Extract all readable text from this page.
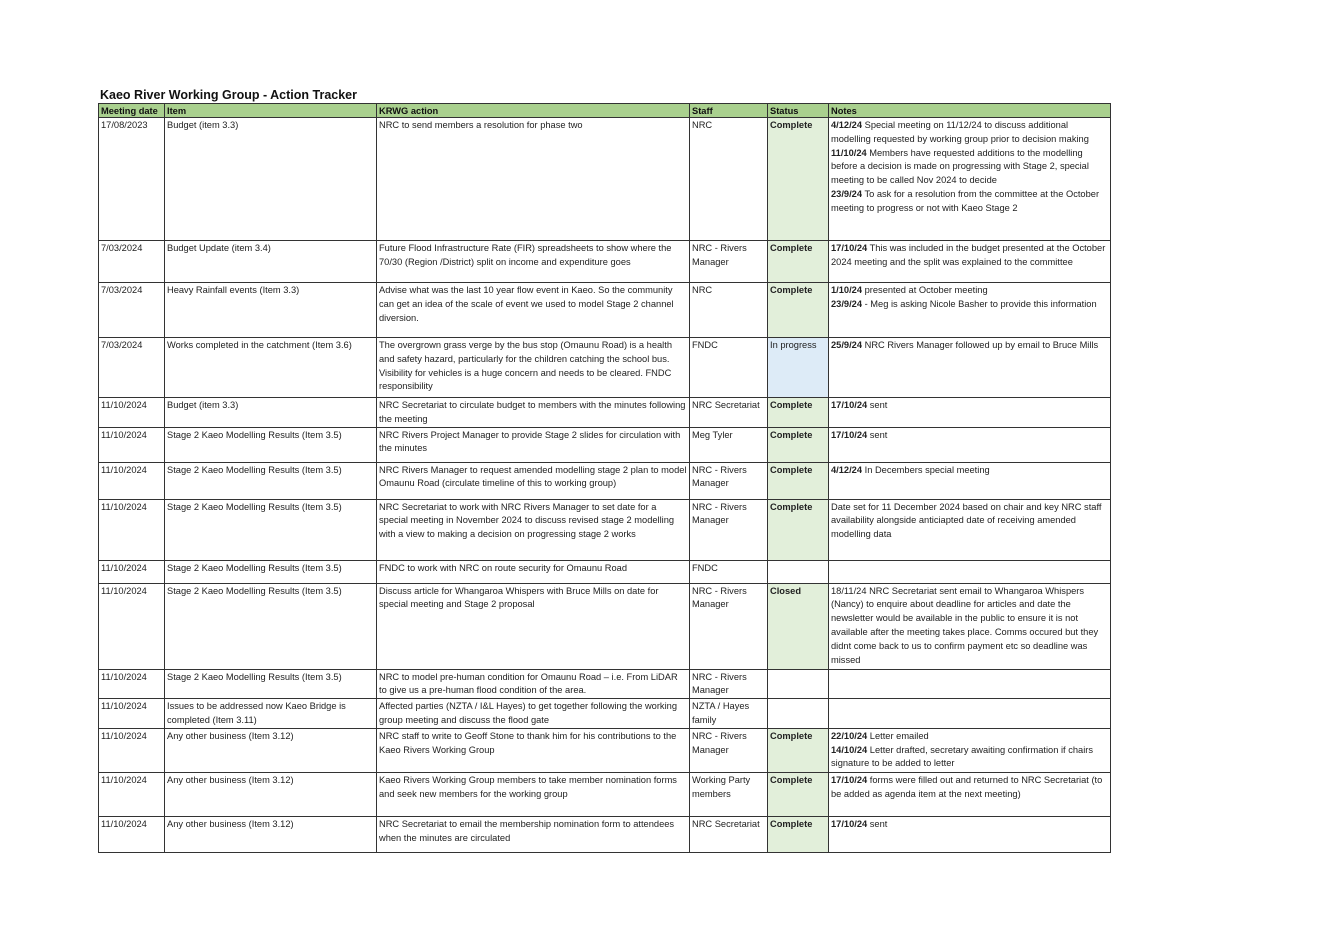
Kaeo River Working Group - Action Tracker
Meeting date	Item	KRWG action	Staff	Status	Notes
17/08/2023	Budget (item 3.3)	NRC to send members a resolution for phase two	NRC	Complete	4/12/24 Special meeting on 11/12/24 to discuss additional modelling requested by working group prior to decision making
11/10/24 Members have requested additions to the modelling before a decision is made on progressing with Stage 2, special meeting to be called Nov 2024 to decide
23/9/24 To ask for a resolution from the committee at the October meeting to progress or not with Kaeo Stage 2

7/03/2024	Budget Update (item 3.4)	Future Flood Infrastructure Rate (FIR) spreadsheets to show where the 70/30 (Region /District) split on income and expenditure goes	NRC - Rivers Manager	Complete	17/10/24 This was included in the budget presented at the October 2024 meeting and the split was explained to the committee

7/03/2024	Heavy Rainfall events (Item 3.3)	Advise what was the last 10 year flow event in Kaeo. So the community can get an idea of the scale of event we used to model Stage 2 channel diversion.	NRC	Complete	1/10/24 presented at October meeting
23/9/24 - Meg is asking Nicole Basher to provide this information

7/03/2024	Works completed in the catchment (Item 3.6)	The overgrown grass verge by the bus stop (Omaunu Road) is a health and safety hazard, particularly for the children catching the school bus. Visibility for vehicles is a huge concern and needs to be cleared. FNDC responsibility	FNDC	In progress	25/9/24 NRC Rivers Manager followed up by email to Bruce Mills

11/10/2024	Budget (item 3.3)	NRC Secretariat to circulate budget to members with the minutes following the meeting	NRC Secretariat	Complete	17/10/24 sent

11/10/2024	Stage 2 Kaeo Modelling Results (Item 3.5)	NRC Rivers Project Manager to provide Stage 2 slides for circulation with the minutes	Meg Tyler	Complete	17/10/24 sent

11/10/2024	Stage 2 Kaeo Modelling Results (Item 3.5)	NRC Rivers Manager to request amended modelling stage 2 plan to model Omaunu Road (circulate timeline of this to working group)	NRC - Rivers Manager	Complete	4/12/24 In Decembers special meeting

11/10/2024	Stage 2 Kaeo Modelling Results (Item 3.5)	NRC Secretariat to work with NRC Rivers Manager to set date for a special meeting in November 2024 to discuss revised stage 2 modelling with a view to making a decision on progressing stage 2 works	NRC - Rivers Manager	Complete	Date set for 11 December 2024 based on chair and key NRC staff availability alongside anticiapted date of receiving amended modelling data

11/10/2024	Stage 2 Kaeo Modelling Results (Item 3.5)	FNDC to work with NRC on route security for Omaunu Road	FNDC		
11/10/2024	Stage 2 Kaeo Modelling Results (Item 3.5)	Discuss article for Whangaroa Whispers with Bruce Mills on date for special meeting and Stage 2 proposal	NRC - Rivers Manager	Closed	18/11/24 NRC Secretariat sent email to Whangaroa Whispers (Nancy) to enquire about deadline for articles and date the newsletter would be available in the public to ensure it is not available after the meeting takes place. Comms occured but they didnt come back to us to confirm payment etc so deadline was missed

11/10/2024	Stage 2 Kaeo Modelling Results (Item 3.5)	NRC to model pre-human condition for Omaunu Road – i.e. From LiDAR to give us a pre-human flood condition of the area.	NRC - Rivers Manager		
11/10/2024	Issues to be addressed now Kaeo Bridge is completed (Item 3.11)	Affected parties (NZTA / I&L Hayes) to get together following the working group meeting and discuss the flood gate	NZTA / Hayes family		
11/10/2024	Any other business (Item 3.12)	NRC staff to write to Geoff Stone to thank him for his contributions to the Kaeo Rivers Working Group	NRC - Rivers Manager	Complete	22/10/24 Letter emailed
14/10/24 Letter drafted, secretary awaiting confirmation if chairs signature to be added to letter

11/10/2024	Any other business (Item 3.12)	Kaeo Rivers Working Group members to take member nomination forms and seek new members for the working group	Working Party members	Complete	17/10/24 forms were filled out and returned to NRC Secretariat (to be added as agenda item at the next meeting)

11/10/2024	Any other business (Item 3.12)	NRC Secretariat to email the membership nomination form to attendees when the minutes are circulated	NRC Secretariat	Complete	17/10/24 sent
